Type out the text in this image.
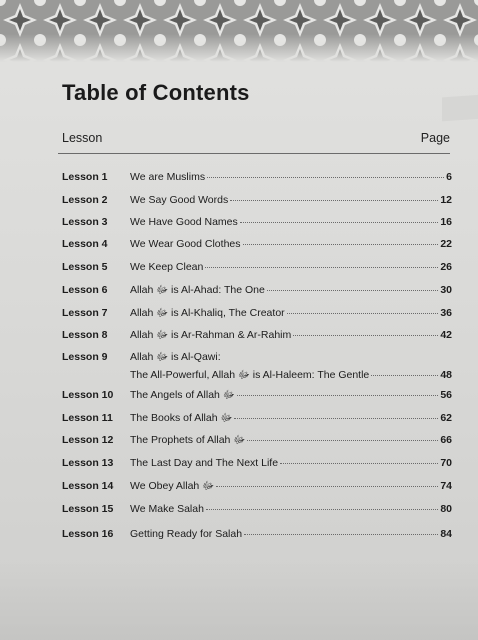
Table of Contents
Lesson	Page
Lesson 1 We are Muslims	6
Lesson 2 We Say Good Words	12
Lesson 3 We Have Good Names	16
Lesson 4 We Wear Good Clothes	22
Lesson 5 We Keep Clean	26
Lesson 6 Allah ﷻ is Al-Ahad: The One	30
Lesson 7 Allah ﷻ is Al-Khaliq, The Creator	36
Lesson 8 Allah ﷻ is Ar-Rahman & Ar-Rahim	42
Lesson 9 Allah ﷻ is Al-Qawi:
The All-Powerful, Allah ﷻ is Al-Haleem: The Gentle	48
Lesson 10 The Angels of Allah ﷻ	56
Lesson 11 The Books of Allah ﷻ	62
Lesson 12 The Prophets of Allah ﷻ	66
Lesson 13 The Last Day and The Next Life	70
Lesson 14 We Obey Allah ﷻ	74
Lesson 15 We Make Salah	80
Lesson 16 Getting Ready for Salah	84
